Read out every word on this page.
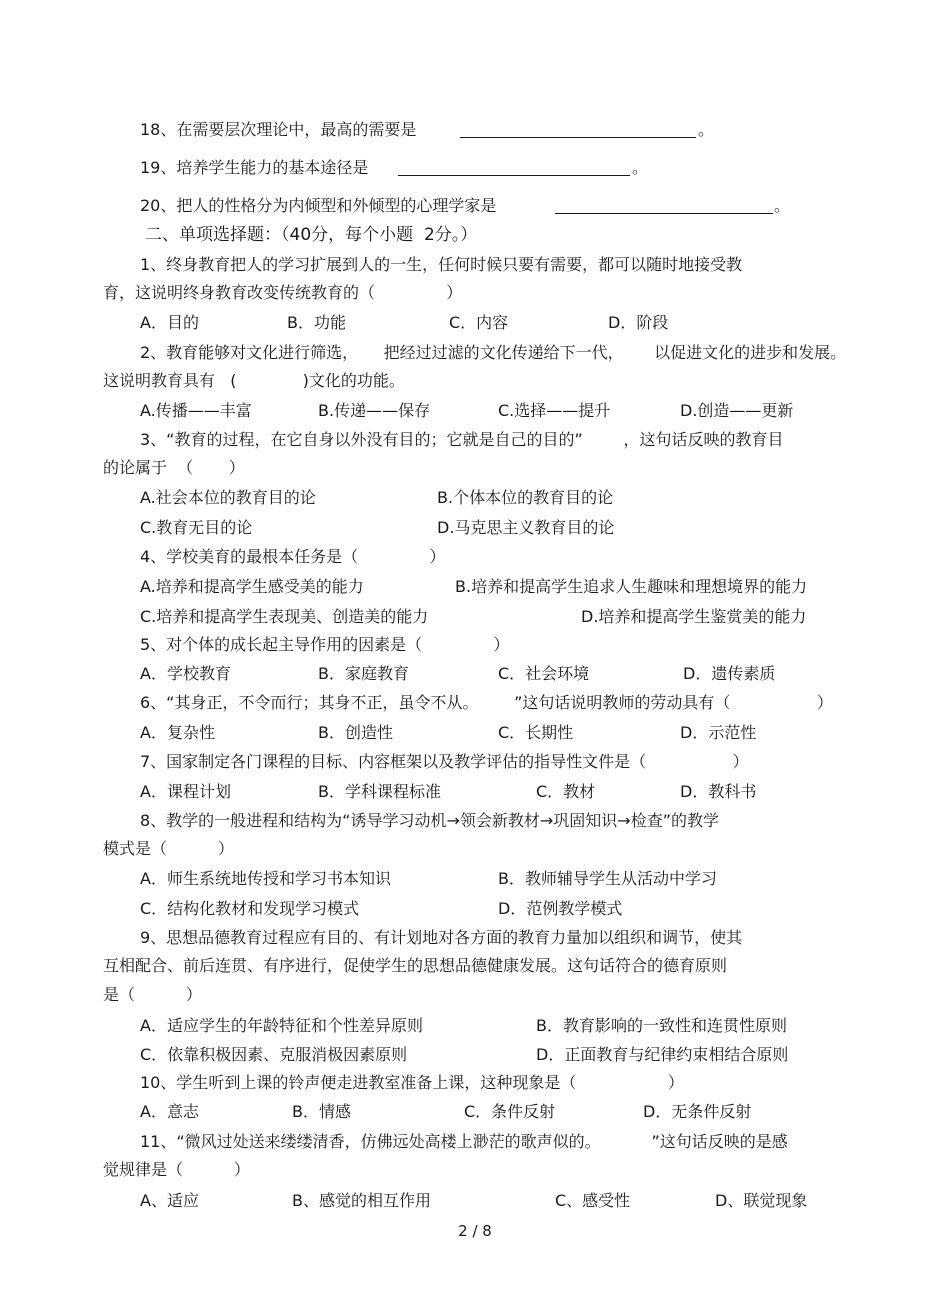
18、在需要层次理论中，最高的需要是	。
19、培养学生能力的基本途径是	。
20、把人的性格分为内倾型和外倾型的心理学家是	。
二、单项选择题：（40分，每个小题  2分。）
1、终身教育把人的学习扩展到人的一生，任何时候只要有需要，都可以随时地接受教
育，这说明终身教育改变传统教育的（              ）
A．目的	B．功能	C．内容	D．阶段
2、教育能够对文化进行筛选，     把经过过滤的文化传递给下一代，      以促进文化的进步和发展。
这说明教育具有   (             )文化的功能。
A.传播——丰富	B.传递——保存	C.选择——提升	D.创造——更新
3、“教育的过程，在它自身以外没有目的；它就是自己的目的”        ，这句话反映的教育目
的论属于  （       ）
A.社会本位的教育目的论	B.个体本位的教育目的论
C.教育无目的论	D.马克思主义教育目的论
4、学校美育的最根本任务是（              ）
A.培养和提高学生感受美的能力	B.培养和提高学生追求人生趣味和理想境界的能力
C.培养和提高学生表现美、创造美的能力	D.培养和提高学生鉴赏美的能力
5、对个体的成长起主导作用的因素是（              ）
A．学校教育	B．家庭教育	C．社会环境	D．遗传素质
6、“其身正，不令而行；其身不正，虽令不从。       ”这句话说明教师的劳动具有（                 ）
A．复杂性	B．创造性	C．长期性	D．示范性
7、国家制定各门课程的目标、内容框架以及教学评估的指导性文件是（                 ）
A．课程计划	B．学科课程标准	C．教材	D．教科书
8、教学的一般进程和结构为“诱导学习动机→领会新教材→巩固知识→检查”的教学
模式是（          ）
A．师生系统地传授和学习书本知识	B．教师辅导学生从活动中学习
C．结构化教材和发现学习模式	D．范例教学模式
9、思想品德教育过程应有目的、有计划地对各方面的教育力量加以组织和调节，使其
互相配合、前后连贯、有序进行，促使学生的思想品德健康发展。这句话符合的德育原则
是（          ）
A．适应学生的年龄特征和个性差异原则	B．教育影响的一致性和连贯性原则
C．依靠积极因素、克服消极因素原则	D．正面教育与纪律约束相结合原则
10、学生听到上课的铃声便走进教室准备上课，这种现象是（                  ）
A．意志	B．情感	C．条件反射	D．无条件反射
11、“微风过处送来缕缕清香，仿佛远处高楼上渺茫的歌声似的。          ”这句话反映的是感
觉规律是（          ）
A、适应	B、感觉的相互作用	C、感受性	D、联觉现象
2 / 8
